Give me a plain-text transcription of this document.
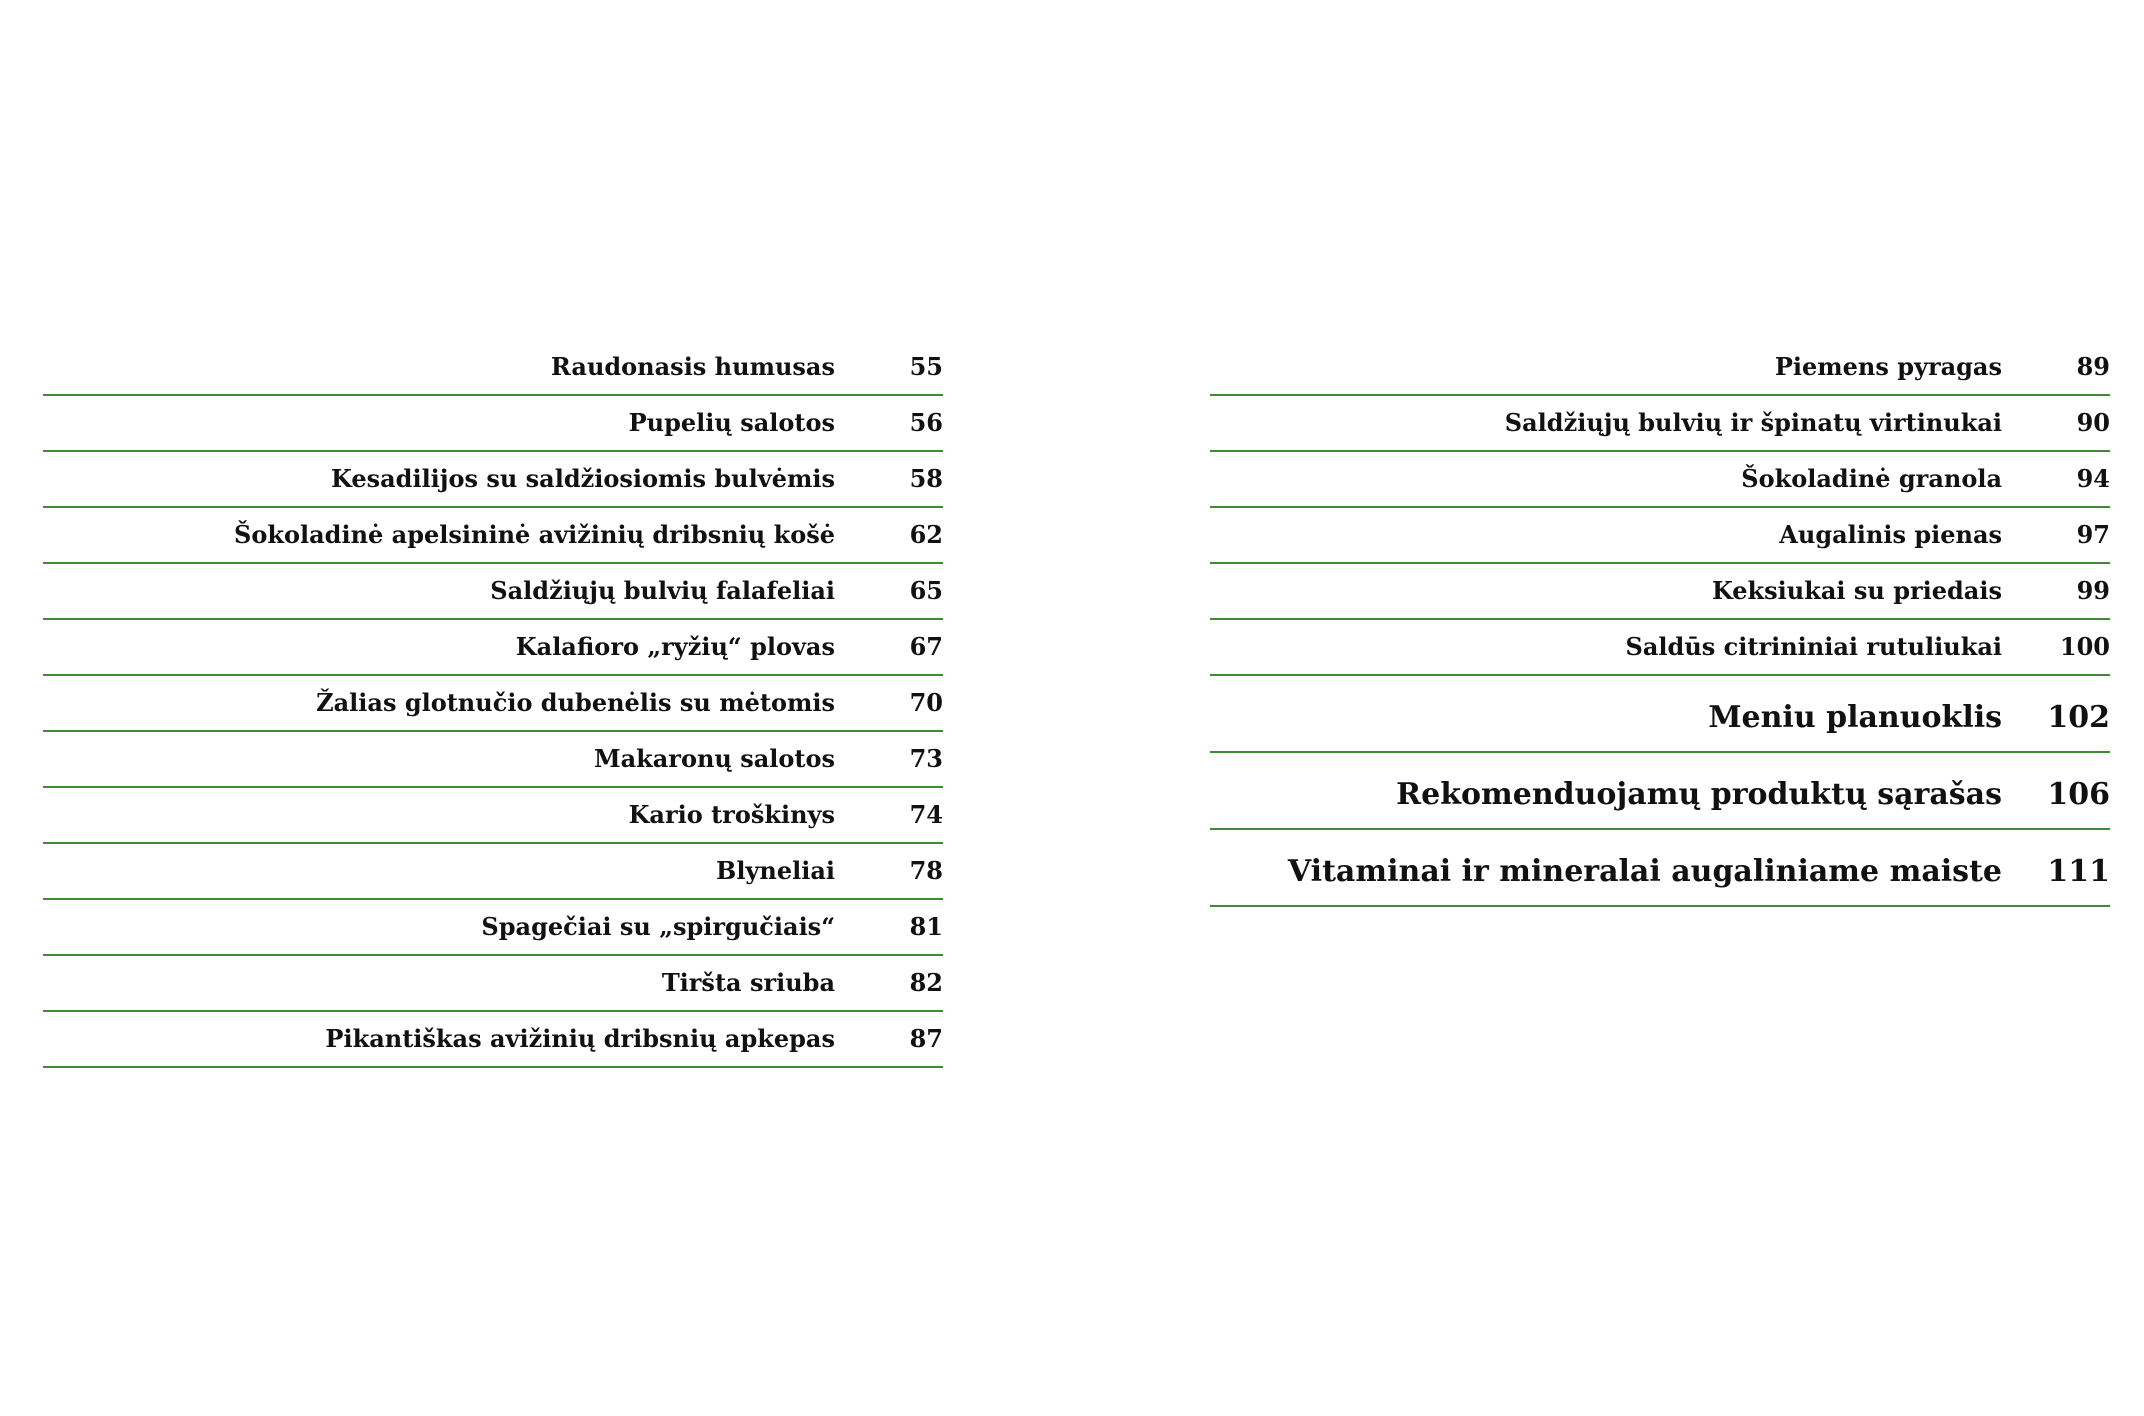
Raudonasis humusas	55
Pupelių salotos	56
Kesadilijos su saldžiosiomis bulvėmis	58
Šokoladinė apelsininė avižinių dribsnių košė	62
Saldžiųjų bulvių falafeliai	65
Kalafioro „ryžių“ plovas	67
Žalias glotnučio dubenėlis su mėtomis	70
Makaronų salotos	73
Kario troškinys	74
Blyneliai	78
Spagečiai su „spirgučiais“	81
Tiršta sriuba	82
Pikantiškas avižinių dribsnių apkepas	87
Piemens pyragas	89
Saldžiųjų bulvių ir špinatų virtinukai	90
Šokoladinė granola	94
Augalinis pienas	97
Keksiukai su priedais	99
Saldūs citrininiai rutuliukai	100
Meniu planuoklis	102
Rekomenduojamų produktų sąrašas	106
Vitaminai ir mineralai augaliniame maiste	111
